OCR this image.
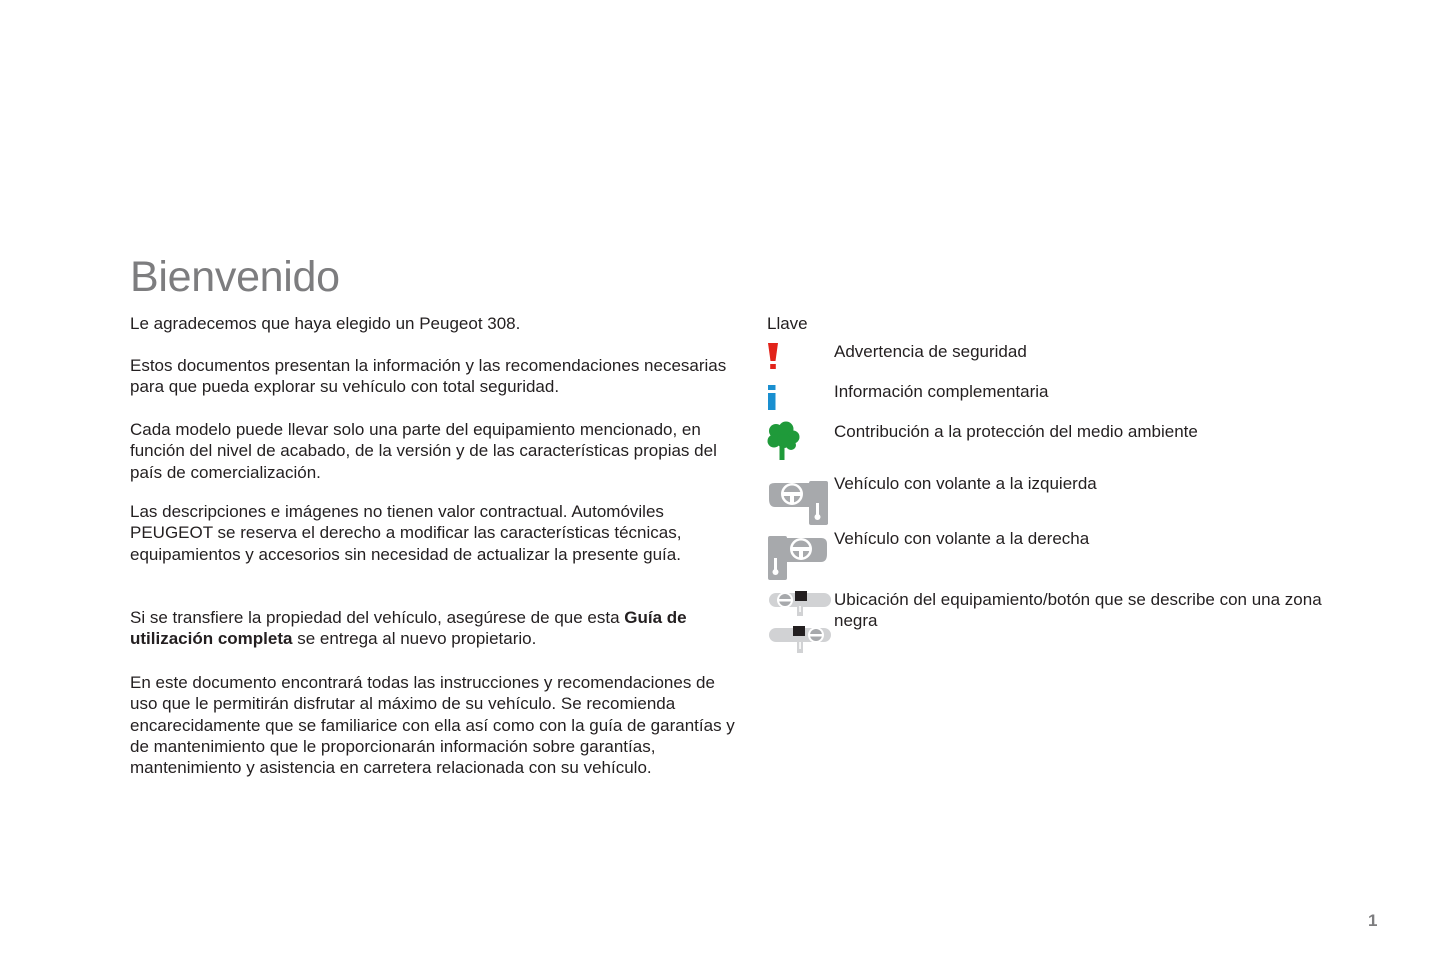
Bienvenido

Le agradecemos que haya elegido un Peugeot 308.

Estos documentos presentan la información y las recomendaciones necesarias para que pueda explorar su vehículo con total seguridad.

Cada modelo puede llevar solo una parte del equipamiento mencionado, en función del nivel de acabado, de la versión y de las características propias del país de comercialización.

Las descripciones e imágenes no tienen valor contractual. Automóviles PEUGEOT se reserva el derecho a modificar las características técnicas, equipamientos y accesorios sin necesidad de actualizar la presente guía.

Si se transfiere la propiedad del vehículo, asegúrese de que esta Guía de utilización completa se entrega al nuevo propietario.

En este documento encontrará todas las instrucciones y recomendaciones de uso que le permitirán disfrutar al máximo de su vehículo. Se recomienda encarecidamente que se familiarice con ella así como con la guía de garantías y de mantenimiento que le proporcionarán información sobre garantías, mantenimiento y asistencia en carretera relacionada con su vehículo.

Llave
Advertencia de seguridad
Información complementaria
Contribución a la protección del medio ambiente
Vehículo con volante a la izquierda
Vehículo con volante a la derecha
Ubicación del equipamiento/botón que se describe con una zona negra
1
